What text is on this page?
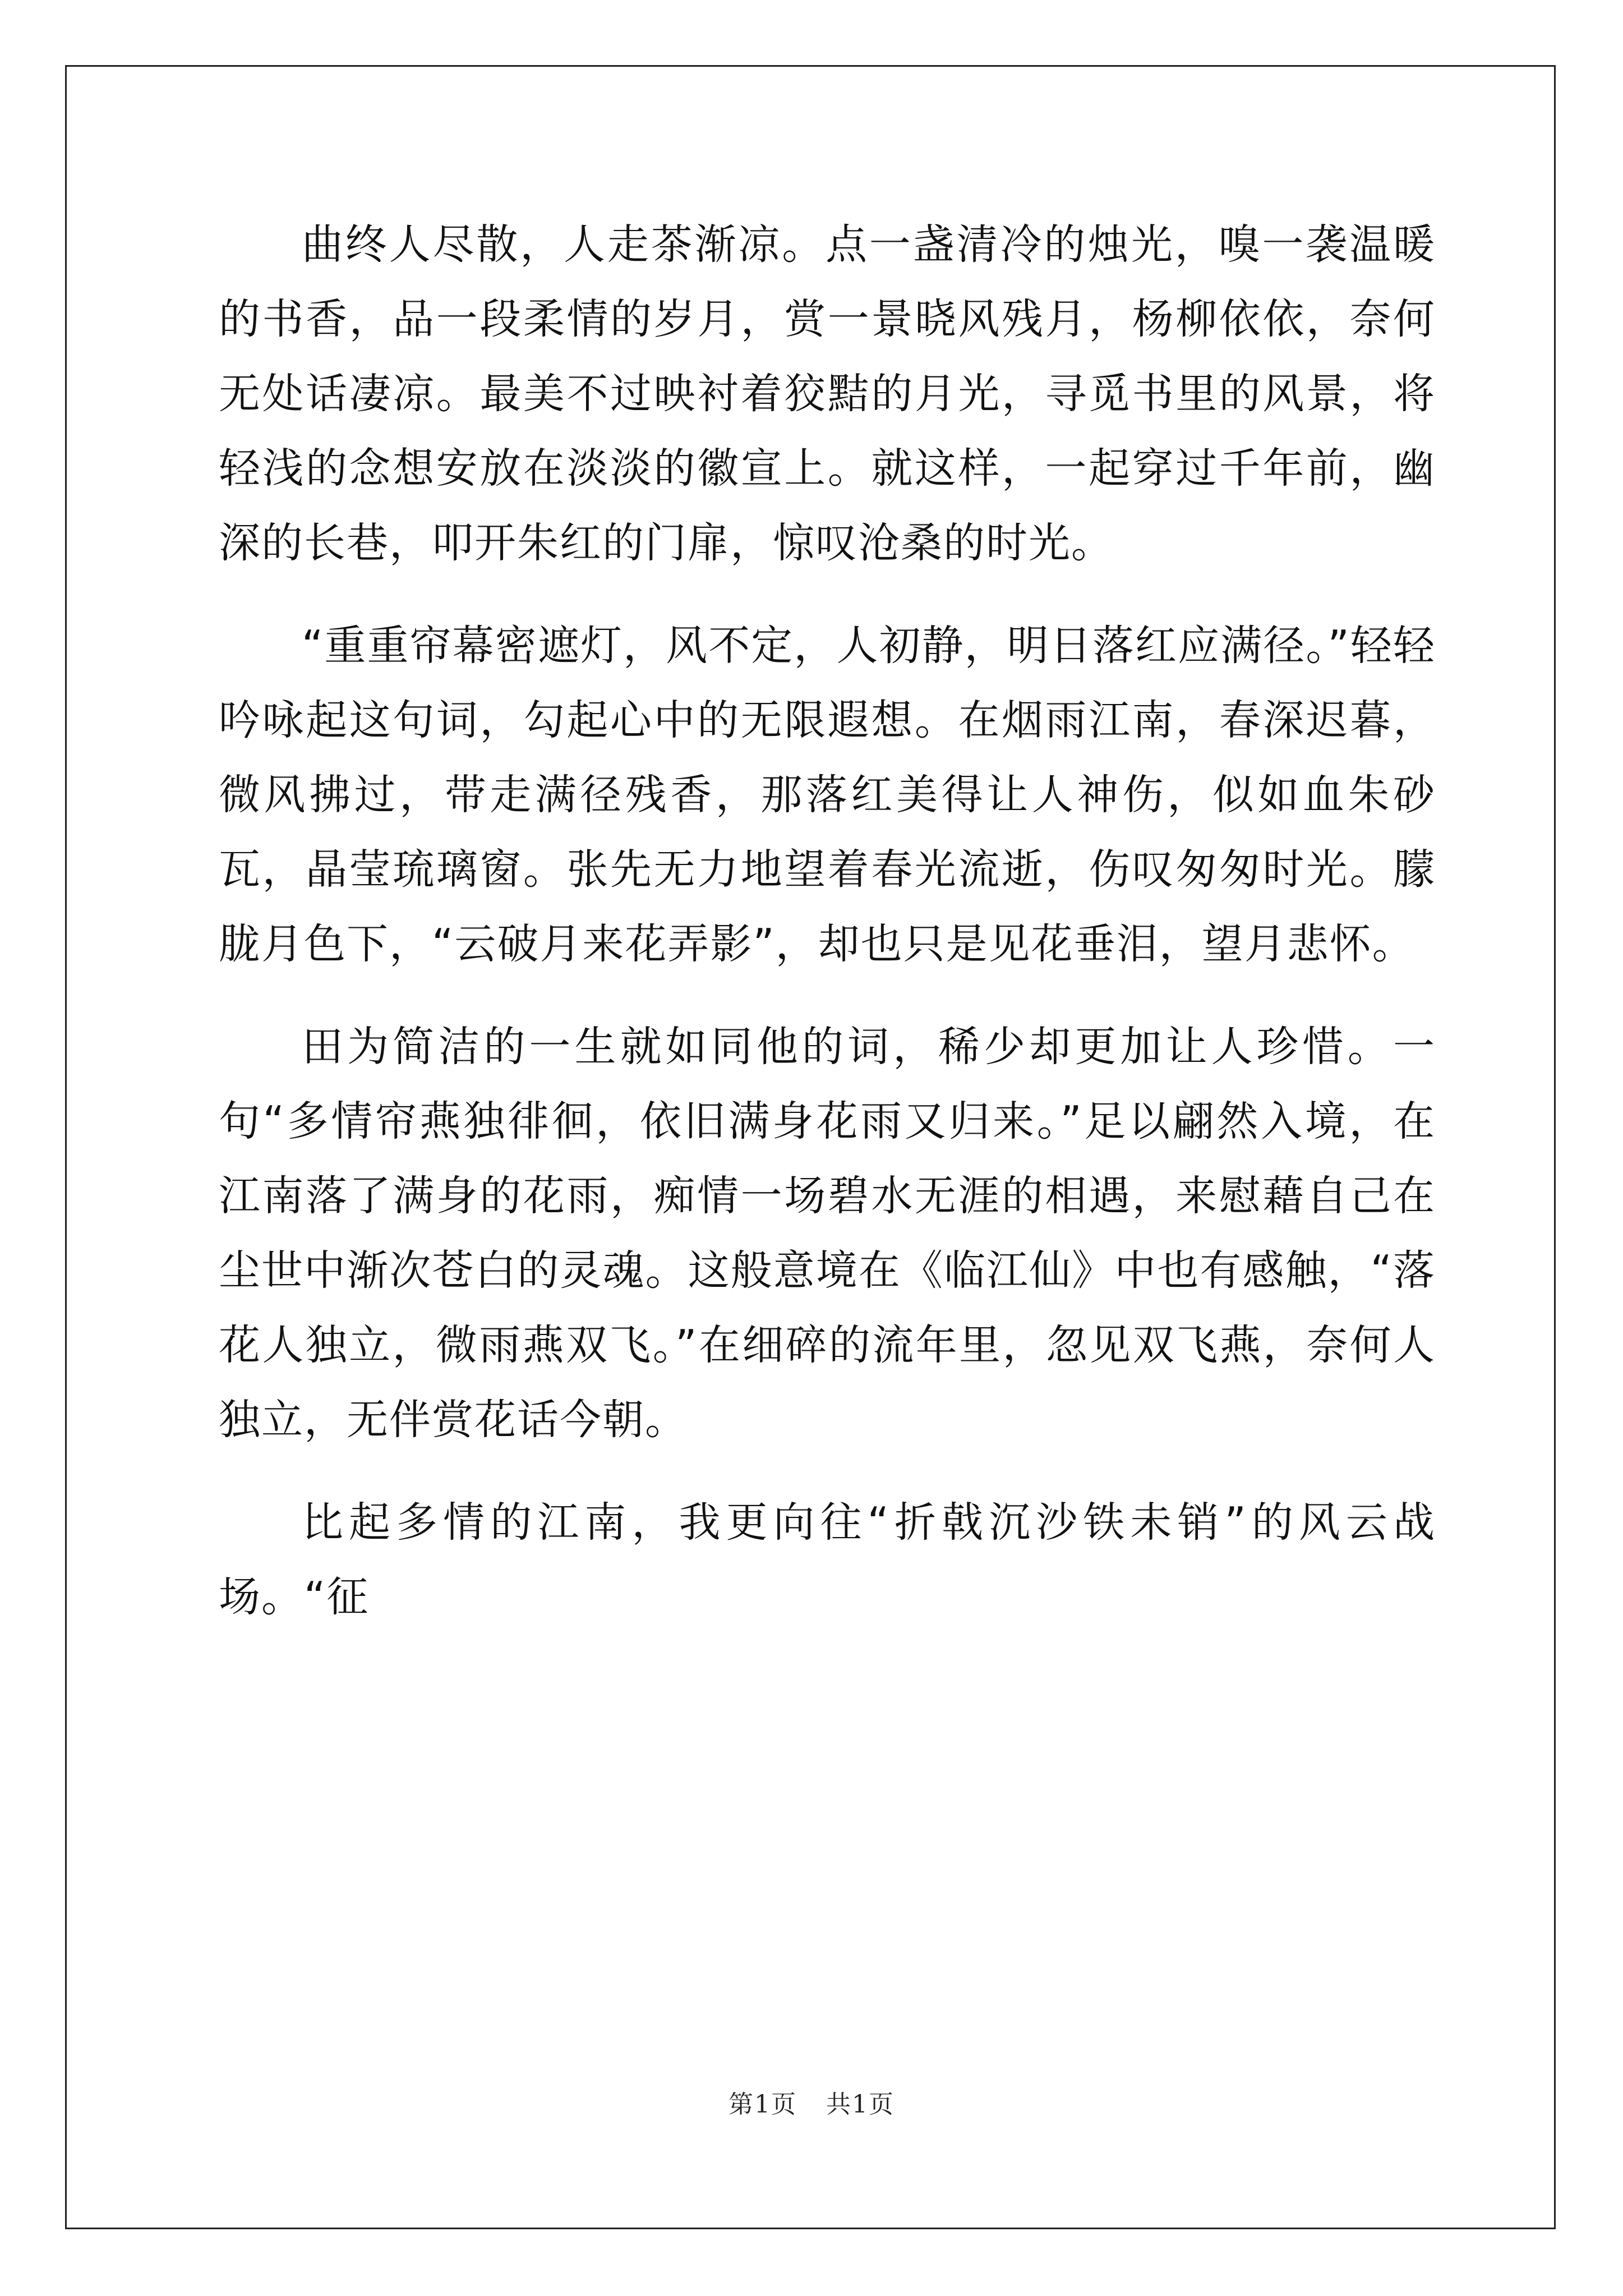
曲终人尽散，人走茶渐凉。点一盏清冷的烛光，嗅一袭温暖的书香，品一段柔情的岁月，赏一景晓风残月，杨柳依依，奈何无处话凄凉。最美不过映衬着狡黠的月光，寻觅书里的风景，将轻浅的念想安放在淡淡的徽宣上。就这样，一起穿过千年前，幽深的长巷，叩开朱红的门扉，惊叹沧桑的时光。

“重重帘幕密遮灯，风不定，人初静，明日落红应满径。”轻轻吟咏起这句词，勾起心中的无限遐想。在烟雨江南，春深迟暮，微风拂过，带走满径残香，那落红美得让人神伤，似如血朱砂瓦，晶莹琉璃窗。张先无力地望着春光流逝，伤叹匆匆时光。朦胧月色下，“云破月来花弄影”，却也只是见花垂泪，望月悲怀。

田为简洁的一生就如同他的词，稀少却更加让人珍惜。一句“多情帘燕独徘徊，依旧满身花雨又归来。”足以翩然入境，在江南落了满身的花雨，痴情一场碧水无涯的相遇，来慰藉自己在尘世中渐次苍白的灵魂。这般意境在《临江仙》中也有感触，“落花人独立，微雨燕双飞。”在细碎的流年里，忽见双飞燕，奈何人独立，无伴赏花话今朝。

比起多情的江南，我更向往“折戟沉沙铁未销”的风云战场。“征

第1页 共1页
